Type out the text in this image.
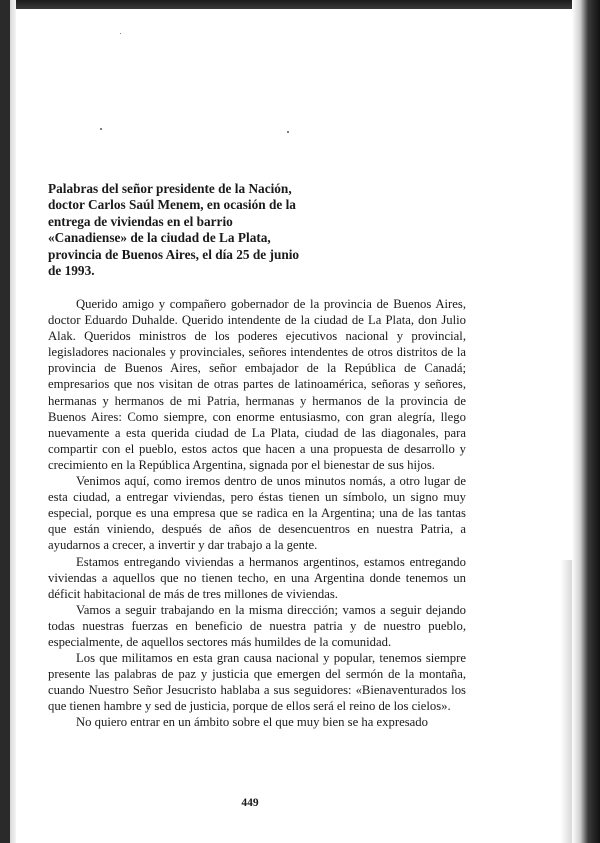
Palabras del señor presidente de la Nación,
doctor Carlos Saúl Menem, en ocasión de la
entrega de viviendas en el barrio
«Canadiense» de la ciudad de La Plata,
provincia de Buenos Aires, el día 25 de junio
de 1993.

Querido amigo y compañero gobernador de la provincia de Buenos Aires, doctor Eduardo Duhalde. Querido intendente de la ciudad de La Plata, don Julio Alak. Queridos ministros de los poderes ejecutivos nacional y provincial, legisladores nacionales y provinciales, señores intendentes de otros distritos de la provincia de Buenos Aires, señor embajador de la República de Canadá; empresarios que nos visitan de otras partes de latinoamérica, señoras y señores, hermanas y hermanos de mi Patria, hermanas y hermanos de la provincia de Buenos Aires: Como siempre, con enorme entusiasmo, con gran alegría, llego nuevamente a esta querida ciudad de La Plata, ciudad de las diagonales, para compartir con el pueblo, estos actos que hacen a una propuesta de desarrollo y crecimiento en la República Argentina, signada por el bienestar de sus hijos.

Venimos aquí, como iremos dentro de unos minutos nomás, a otro lugar de esta ciudad, a entregar viviendas, pero éstas tienen un símbolo, un signo muy especial, porque es una empresa que se radica en la Argentina; una de las tantas que están viniendo, después de años de desencuentros en nuestra Patria, a ayudarnos a crecer, a invertir y dar trabajo a la gente.

Estamos entregando viviendas a hermanos argentinos, estamos entregando viviendas a aquellos que no tienen techo, en una Argentina donde tenemos un déficit habitacional de más de tres millones de viviendas.

Vamos a seguir trabajando en la misma dirección; vamos a seguir dejando todas nuestras fuerzas en beneficio de nuestra patria y de nuestro pueblo, especialmente, de aquellos sectores más humildes de la comunidad.

Los que militamos en esta gran causa nacional y popular, tenemos siempre presente las palabras de paz y justicia que emergen del sermón de la montaña, cuando Nuestro Señor Jesucristo hablaba a sus seguidores: «Bienaventurados los que tienen hambre y sed de justicia, porque de ellos será el reino de los cielos».

No quiero entrar en un ámbito sobre el que muy bien se ha expresado

449
